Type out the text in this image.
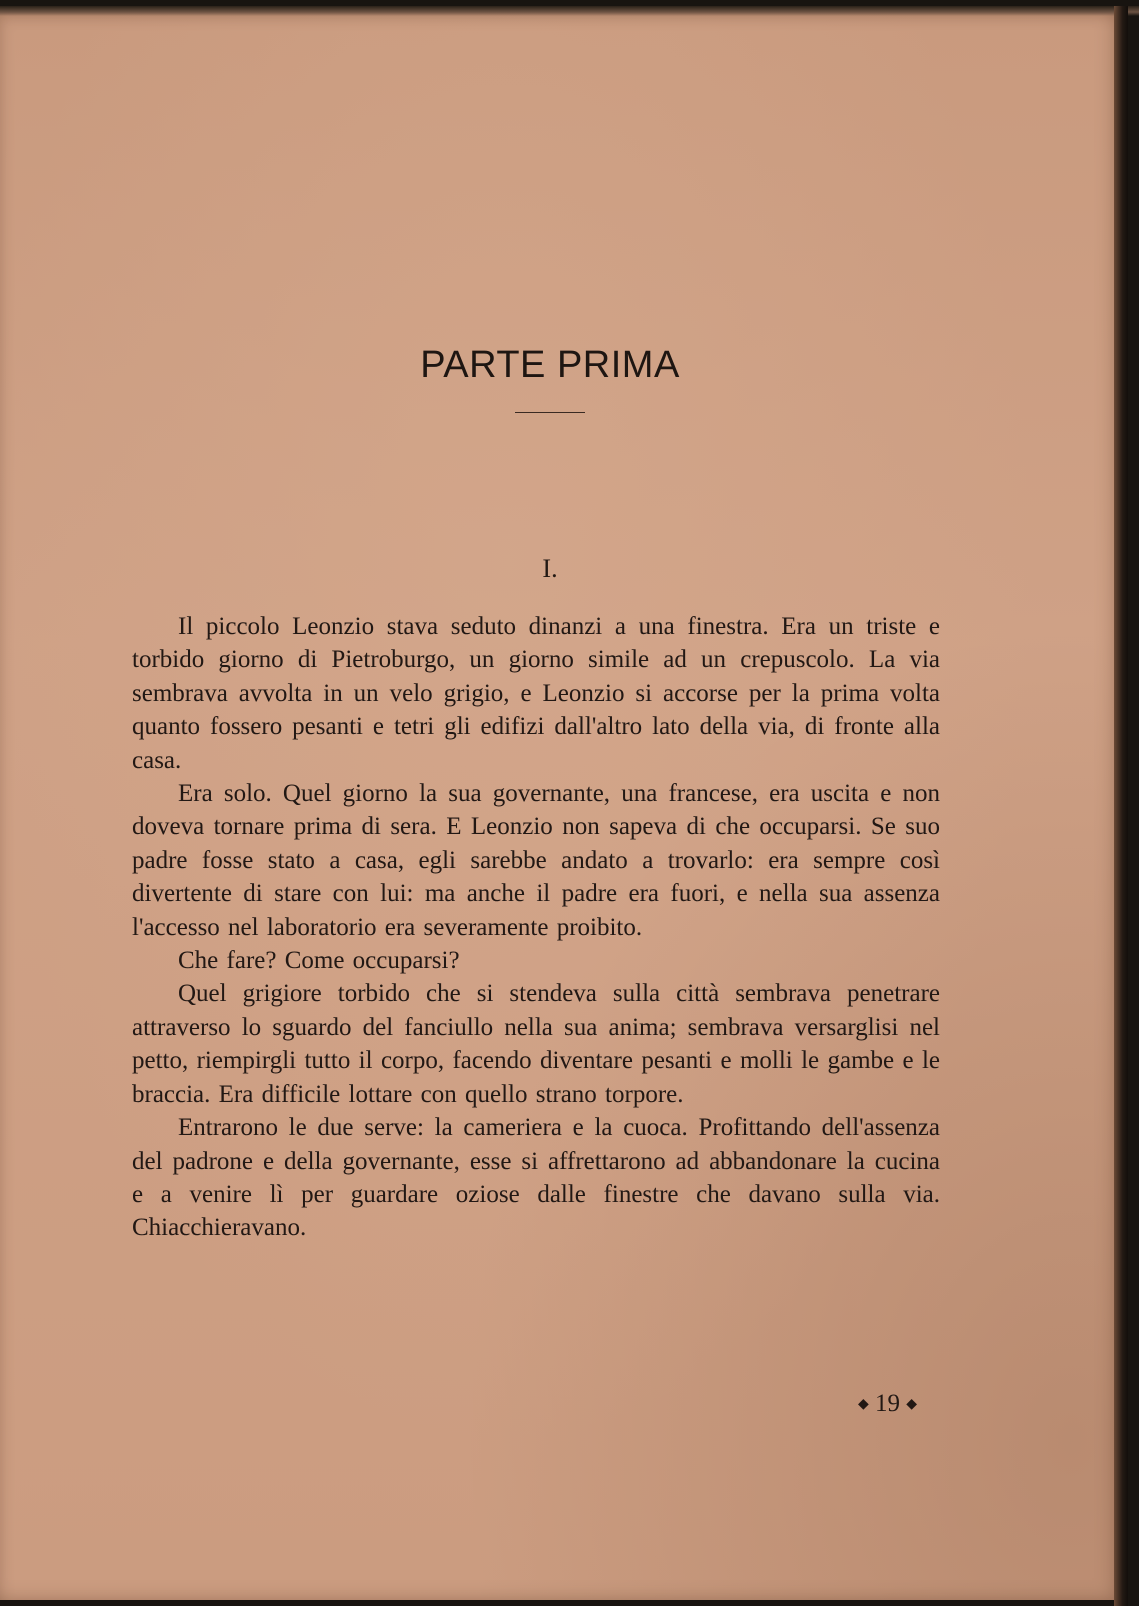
PARTE PRIMA
I.

Il piccolo Leonzio stava seduto dinanzi a una finestra. Era un triste e torbido giorno di Pietroburgo, un giorno simile ad un crepuscolo. La via sembrava avvolta in un velo grigio, e Leonzio si accorse per la prima volta quanto fossero pesanti e tetri gli edifizi dall'altro lato della via, di fronte alla casa.

Era solo. Quel giorno la sua governante, una francese, era uscita e non doveva tornare prima di sera. E Leonzio non sapeva di che occuparsi. Se suo padre fosse stato a casa, egli sarebbe andato a trovarlo: era sempre così divertente di stare con lui: ma anche il padre era fuori, e nella sua assenza l'accesso nel laboratorio era severamente proibito.

Che fare? Come occuparsi?

Quel grigiore torbido che si stendeva sulla città sembrava penetrare attraverso lo sguardo del fanciullo nella sua anima; sembrava versarglisi nel petto, riempirgli tutto il corpo, facendo diventare pesanti e molli le gambe e le braccia. Era difficile lottare con quello strano torpore.

Entrarono le due serve: la cameriera e la cuoca. Profittando dell'assenza del padrone e della governante, esse si affrettarono ad abbandonare la cucina e a venire lì per guardare oziose dalle finestre che davano sulla via. Chiacchieravano.

◆ 19 ◆
